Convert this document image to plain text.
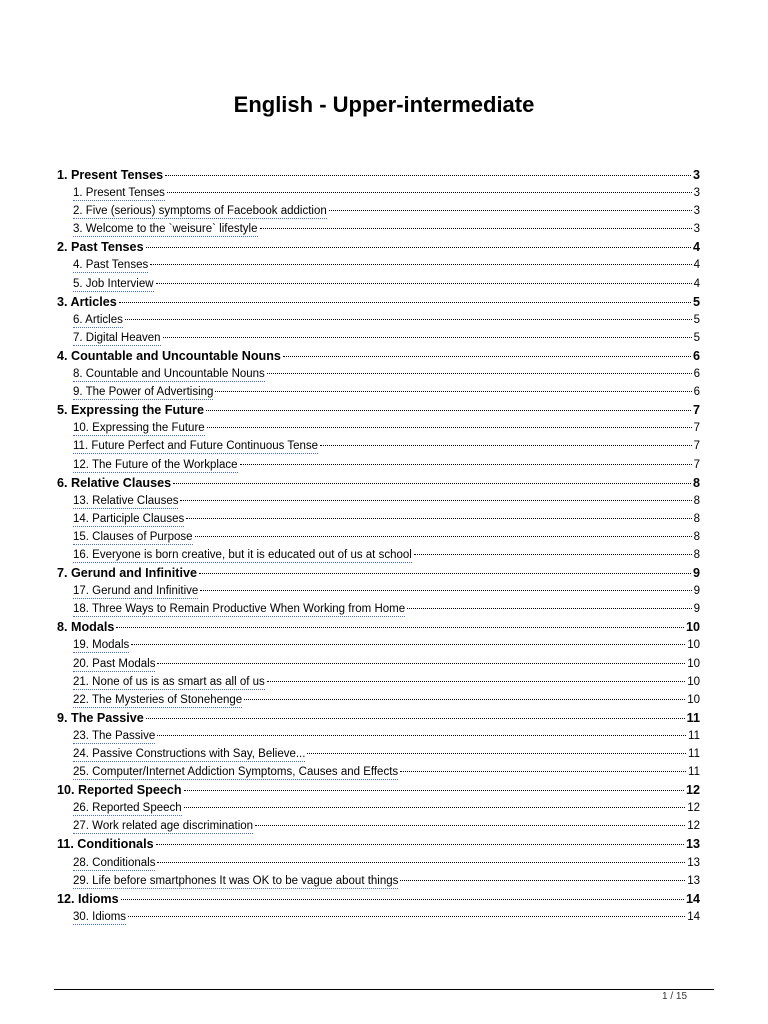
English - Upper-intermediate
1. Present Tenses	3
1. Present Tenses	3
2. Five (serious) symptoms of Facebook addiction	3
3. Welcome to the `weisure` lifestyle	3
2. Past Tenses	4
4. Past Tenses	4
5. Job Interview	4
3. Articles	5
6. Articles	5
7. Digital Heaven	5
4. Countable and Uncountable Nouns	6
8. Countable and Uncountable Nouns	6
9. The Power of Advertising	6
5. Expressing the Future	7
10. Expressing the Future	7
11. Future Perfect and Future Continuous Tense	7
12. The Future of the Workplace	7
6. Relative Clauses	8
13. Relative Clauses	8
14. Participle Clauses	8
15. Clauses of Purpose	8
16. Everyone is born creative, but it is educated out of us at school	8
7. Gerund and Infinitive	9
17. Gerund and Infinitive	9
18. Three Ways to Remain Productive When Working from Home	9
8. Modals	10
19. Modals	10
20. Past Modals	10
21. None of us is as smart as all of us	10
22. The Mysteries of Stonehenge	10
9. The Passive	11
23. The Passive	11
24. Passive Constructions with Say, Believe...	11
25. Computer/Internet Addiction Symptoms, Causes and Effects	11
10. Reported Speech	12
26. Reported Speech	12
27. Work related age discrimination	12
11. Conditionals	13
28. Conditionals	13
29. Life before smartphones It was OK to be vague about things	13
12. Idioms	14
30. Idioms	14
1 / 15
